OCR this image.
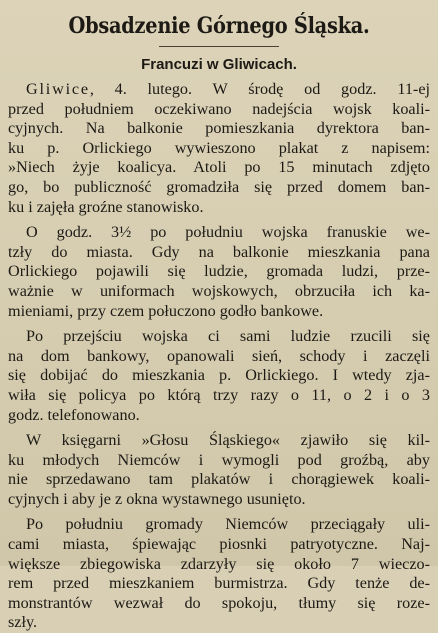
Obsadzenie Górnego Śląska.
Francuzi w Gliwicach.
Gliwice, 4. lutego. W środę od godz. 11-ej
przed południem oczekiwano nadejścia wojsk koali-
cyjnych. Na balkonie pomieszkania dyrektora ban-
ku p. Orlickiego wywieszono plakat z napisem:
»Niech żyje koalicya. Atoli po 15 minutach zdjęto
go, bo publiczność gromadziła się przed domem ban-
ku i zajęła groźne stanowisko.
O godz. 3½ po południu wojska franuskie we-
tzły do miasta. Gdy na balkonie mieszkania pana
Orlickiego pojawili się ludzie, gromada ludzi, prze-
ważnie w uniformach wojskowych, obrzuciła ich ka-
mieniami, przy czem połuczono godło bankowe.
Po przejściu wojska ci sami ludzie rzucili się
na dom bankowy, opanowali sień, schody i zaczęli
się dobijać do mieszkania p. Orlickiego. I wtedy zja-
wiła się policya po którą trzy razy o 11, o 2 i o 3
godz. telefonowano.
W księgarni »Głosu Śląskiego« zjawiło się kil-
ku młodych Niemców i wymogli pod groźbą, aby
nie sprzedawano tam plakatów i chorągiewek koali-
cyjnych i aby je z okna wystawnego usunięto.
Po południu gromady Niemców przeciągały uli-
cami miasta, śpiewając piosnki patryotyczne. Naj-
większe zbiegowiska zdarzyły się około 7 wieczo-
rem przed mieszkaniem burmistrza. Gdy tenże de-
monstrantów wezwał do spokoju, tłumy się roze-
szły.
